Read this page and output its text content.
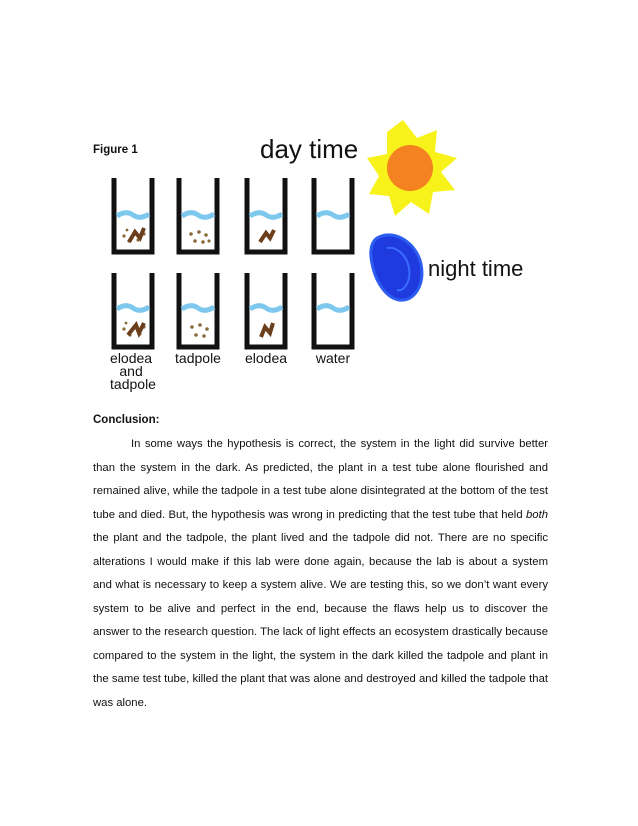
Figure 1	day time
night time
elodea and tadpole
tadpole elodea water
Conclusion:

In some ways the hypothesis is correct, the system in the light did survive better than the system in the dark. As predicted, the plant in a test tube alone flourished and remained alive, while the tadpole in a test tube alone disintegrated at the bottom of the test tube and died. But, the hypothesis was wrong in predicting that the test tube that held both the plant and the tadpole, the plant lived and the tadpole did not. There are no specific alterations I would make if this lab were done again, because the lab is about a system and what is necessary to keep a system alive. We are testing this, so we don’t want every system to be alive and perfect in the end, because the flaws help us to discover the answer to the research question. The lack of light effects an ecosystem drastically because compared to the system in the light, the system in the dark killed the tadpole and plant in the same test tube, killed the plant that was alone and destroyed and killed the tadpole that was alone.
